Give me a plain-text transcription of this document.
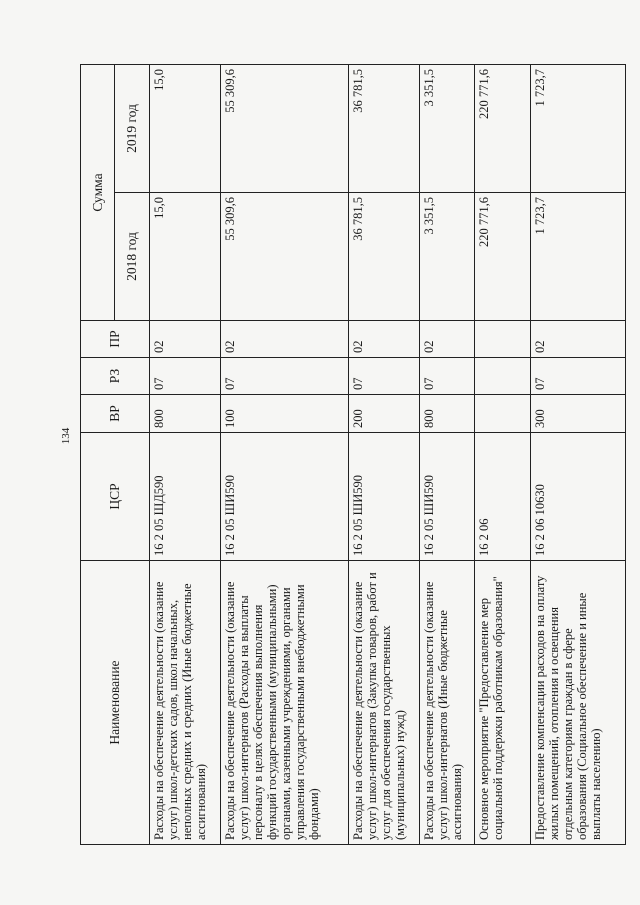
134
Наименование	ЦСР	ВР	РЗ	ПР	Сумма	
					2018 год	2019 год
Расходы на обеспечение деятельности (оказание услуг) школ-детских садов, школ начальных, неполных средних и средних (Иные бюджетные ассигнования)	16 2 05 ШД590	800	07	02	15,0	15,0
Расходы на обеспечение деятельности (оказание услуг) школ-интернатов (Расходы на выплаты персоналу в целях обеспечения выполнения функций государственными (муниципальными) органами, казенными учреждениями, органами управления государственными внебюджетными фондами)	16 2 05 ШИ590	100	07	02	55 309,6	55 309,6
Расходы на обеспечение деятельности (оказание услуг) школ-интернатов (Закупка товаров, работ и услуг для обеспечения государственных (муниципальных) нужд)	16 2 05 ШИ590	200	07	02	36 781,5	36 781,5
Расходы на обеспечение деятельности (оказание услуг) школ-интернатов (Иные бюджетные ассигнования)	16 2 05 ШИ590	800	07	02	3 351,5	3 351,5
Основное мероприятие "Предоставление мер социальной поддержки работникам образования"	16 2 06				220 771,6	220 771,6
Предоставление компенсации расходов на оплату жилых помещений, отопления и освещения отдельным категориям граждан в сфере образования (Социальное обеспечение и иные выплаты населению)	16 2 06 10630	300	07	02	1 723,7	1 723,7
